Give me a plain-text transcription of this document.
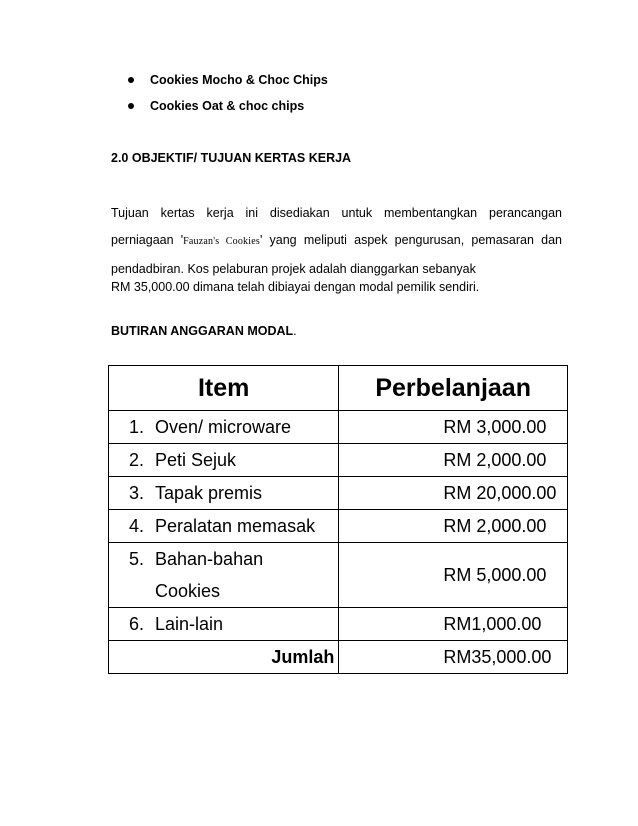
Cookies Mocho & Choc Chips
Cookies Oat & choc chips
2.0 OBJEKTIF/ TUJUAN KERTAS KERJA
Tujuan kertas kerja ini disediakan untuk membentangkan perancangan
perniagaan 'Fauzan's Cookies' yang meliputi aspek pengurusan, pemasaran dan
pendadbiran. Kos pelaburan projek adalah dianggarkan sebanyak
RM 35,000.00 dimana telah dibiayai dengan modal pemilik sendiri.
BUTIRAN ANGGARAN MODAL.
Item	Perbelanjaan
1. Oven/ microware	RM 3,000.00
2. Peti Sejuk	RM 2,000.00
3. Tapak premis	RM 20,000.00
4. Peralatan memasak	RM 2,000.00

5. Bahan-bahan
Cookies	RM 5,000.00
6. Lain-lain	RM1,000.00
Jumlah	RM35,000.00
